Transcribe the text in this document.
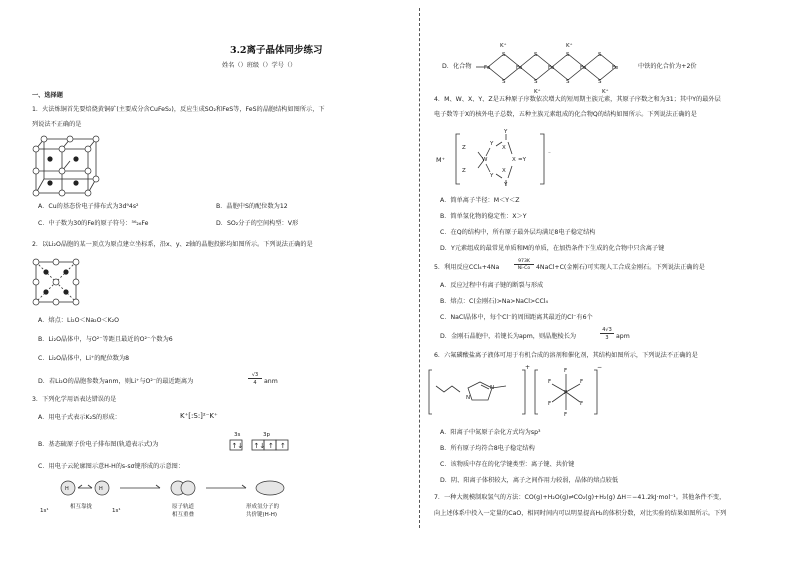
3.2离子晶体同步练习
姓名（）班级（）学号（）
一、选择题
1．火法炼铜首先要焙烧黄铜矿(主要成分含CuFeS₂)，反应生成SO₂和FeS等，FeS的晶胞结构如图所示，下
列说法不正确的是
A．Cu的基态价电子排布式为3d⁹4s²	B．晶胞中S的配位数为12
C．中子数为30的Fe的原子符号：⁵⁶₂₆Fe	D．SO₂分子的空间构型：V形
2．以Li₂O晶胞的某一顶点为原点建立坐标系，沿x、y、z轴的晶胞投影均如图所示。下列说法正确的是
A．熔点：Li₂O＜Na₂O＜K₂O
B．Li₂O晶体中，与O²⁻等距且最近的O²⁻个数为6
C．Li₂O晶体中，Li⁺的配位数为8
D．若Li₂O的晶胞参数为anm，则Li⁺与O²⁻的最近距离为
√3
4	anm
3．下列化学用语表达错误的是
A．用电子式表示K₂S的形成：	K⁺[:S:]²⁻K⁺
B．基态硫原子价电子排布图(轨道表示式)为
3s	3p
↑↓ ↑↓ ↑ ↑
C．用电子云轮廓图示意H-H的s-sσ键形成的示意图：
H	H
相互靠拢
1s¹	1s¹
原子轨道
相互重叠
形成氢分子的
共价键(H-H)
D．化合物
K⁺	K⁺
K⁺	K⁺
S	S	S	S
S	S	S	S
Fe	Fe	Fe	Fe	Fe	中铁的化合价为+2价
4．M、W、X、Y、Z是五种原子序数依次增大的短周期主族元素，其原子序数之和为31；其中Y的最外层
电子数等于X的核外电子总数，五种主族元素组成的化合物Q的结构如图所示。下列说法正确的是
M⁺
Z
Z
W
Y
Y
X
X
Y
Y
X =Y
⁻
A．简单离子半径：M＜Y＜Z
B．简单氢化物的稳定性：X＞Y
C．在Q的结构中，所有原子最外层均满足8电子稳定结构
D．Y元素组成的最常见单质和M的单质，在加热条件下生成的化合物中只含离子键
5．利用反应CCl₄+4Na
973K
Ni-Co 4NaCl+C(金刚石)可实现人工合成金刚石。下列说法正确的是
A．反应过程中有离子键的断裂与形成
B．熔点：C(金刚石)>Na>NaCl>CCl₄
C．NaCl晶体中，每个Cl⁻的周围距离其最近的Cl⁻有6个
D．金刚石晶胞中，若键长为apm，则晶胞棱长为
4√3
3	apm
6．六氟磷酸盐离子液体可用于有机合成的溶剂和催化剂，其结构如图所示，下列说法不正确的是
N
N
+	−
P
F
F
F	F
F	F
A．阳离子中氮原子杂化方式均为sp³
B．所有原子均符合8电子稳定结构
C．该物质中存在的化学键类型：离子键、共价键
D．阴、阳离子体积较大，离子之间作用力较弱，晶体的熔点较低
7．一种大规模制取氢气的方法：CO(g)+H₂O(g)⇌CO₂(g)+H₂(g) ΔH＝−41.2kJ·mol⁻¹。其他条件不变，
向上述体系中投入一定量的CaO，相同时间内可以明显提高H₂的体积分数，对比实验的结果如图所示。下列
